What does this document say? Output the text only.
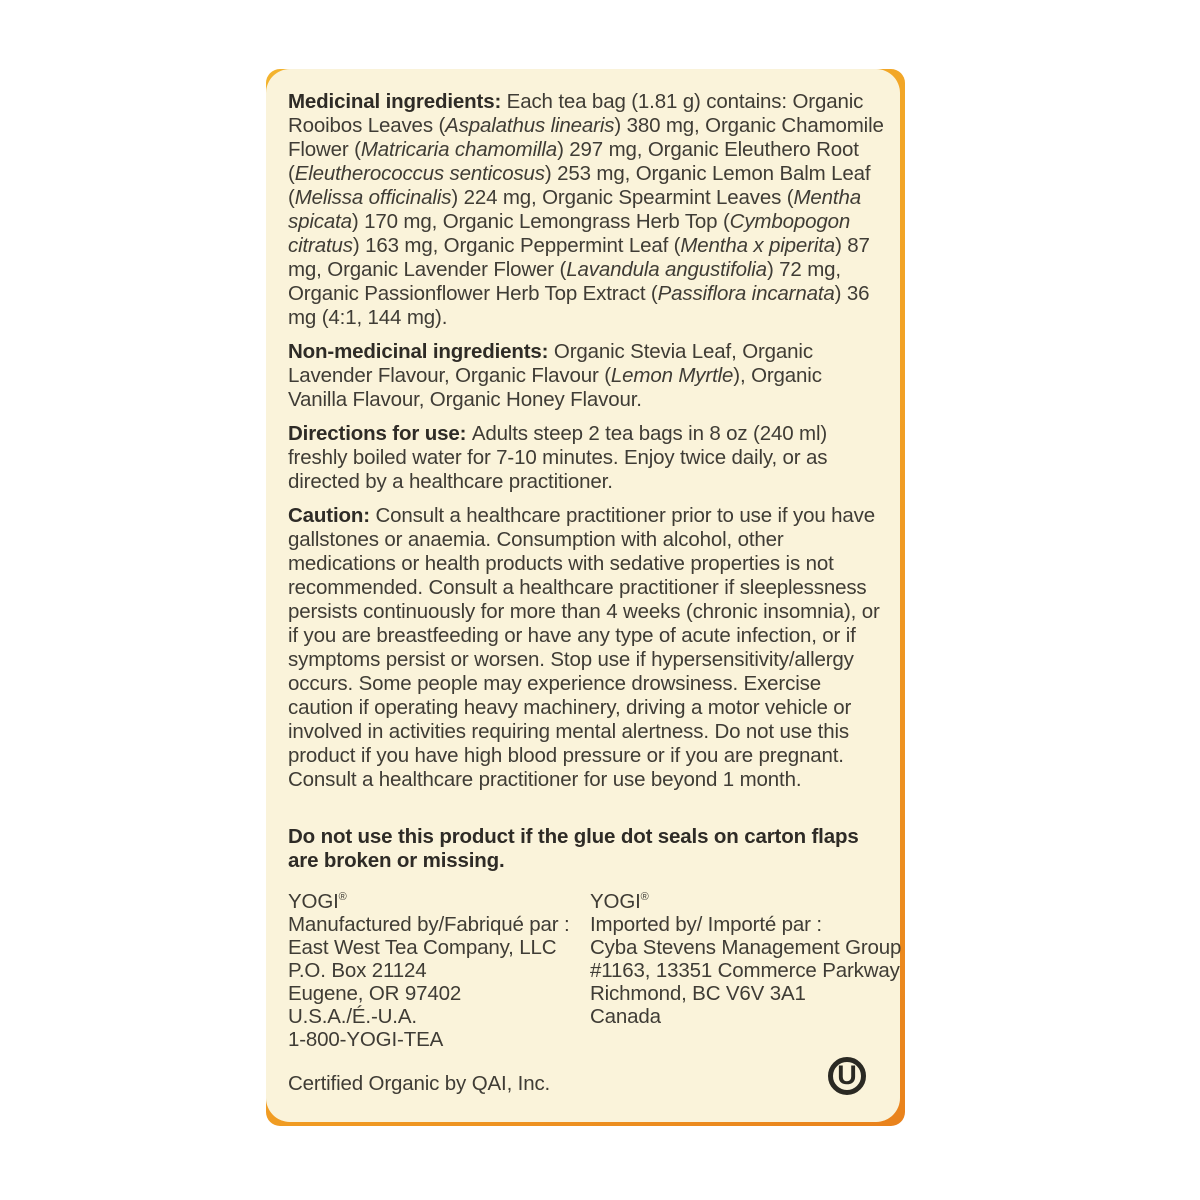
Medicinal ingredients: Each tea bag (1.81 g) contains: Organic Rooibos Leaves (Aspalathus linearis) 380 mg, Organic Chamomile Flower (Matricaria chamomilla) 297 mg, Organic Eleuthero Root (Eleutherococcus senticosus) 253 mg, Organic Lemon Balm Leaf (Melissa officinalis) 224 mg, Organic Spearmint Leaves (Mentha spicata) 170 mg, Organic Lemongrass Herb Top (Cymbopogon citratus) 163 mg, Organic Peppermint Leaf (Mentha x piperita) 87 mg, Organic Lavender Flower (Lavandula angustifolia) 72 mg, Organic Passionflower Herb Top Extract (Passiflora incarnata) 36 mg (4:1, 144 mg).

Non-medicinal ingredients: Organic Stevia Leaf, Organic Lavender Flavour, Organic Flavour (Lemon Myrtle), Organic Vanilla Flavour, Organic Honey Flavour.

Directions for use: Adults steep 2 tea bags in 8 oz (240 ml) freshly boiled water for 7-10 minutes. Enjoy twice daily, or as directed by a healthcare practitioner.

Caution: Consult a healthcare practitioner prior to use if you have gallstones or anaemia. Consumption with alcohol, other medications or health products with sedative properties is not recommended. Consult a healthcare practitioner if sleeplessness persists continuously for more than 4 weeks (chronic insomnia), or if you are breastfeeding or have any type of acute infection, or if symptoms persist or worsen. Stop use if hypersensitivity/allergy occurs. Some people may experience drowsiness. Exercise caution if operating heavy machinery, driving a motor vehicle or involved in activities requiring mental alertness. Do not use this product if you have high blood pressure or if you are pregnant. Consult a healthcare practitioner for use beyond 1 month.

Do not use this product if the glue dot seals on carton flaps are broken or missing.

YOGI®
Manufactured by/Fabriqué par :
East West Tea Company, LLC
P.O. Box 21124
Eugene, OR 97402
U.S.A./É.-U.A.
1-800-YOGI-TEA
YOGI®
Imported by/ Importé par :
Cyba Stevens Management Group
#1163, 13351 Commerce Parkway
Richmond, BC V6V 3A1
Canada
Certified Organic by QAI, Inc.	U
